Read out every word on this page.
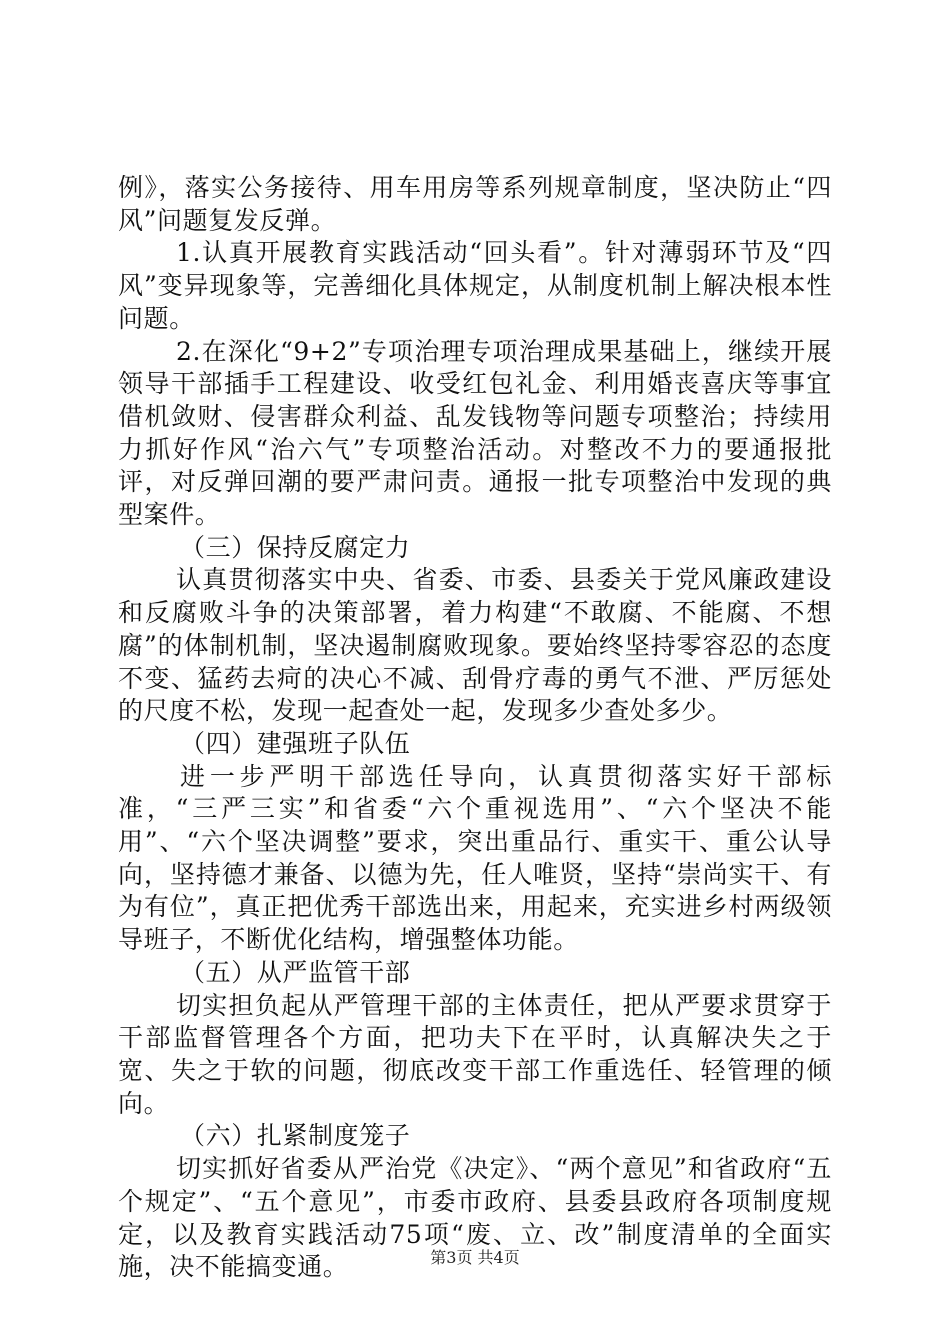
例》，落实公务接待、用车用房等系列规章制度，坚决防止“四风”问题复发反弹。

1.认真开展教育实践活动“回头看”。针对薄弱环节及“四风”变异现象等，完善细化具体规定，从制度机制上解决根本性问题。

2.在深化“9+2”专项治理专项治理成果基础上，继续开展领导干部插手工程建设、收受红包礼金、利用婚丧喜庆等事宜借机敛财、侵害群众利益、乱发钱物等问题专项整治；持续用力抓好作风“治六气”专项整治活动。对整改不力的要通报批评，对反弹回潮的要严肃问责。通报一批专项整治中发现的典型案件。

（三）保持反腐定力

认真贯彻落实中央、省委、市委、县委关于党风廉政建设和反腐败斗争的决策部署，着力构建“不敢腐、不能腐、不想腐”的体制机制，坚决遏制腐败现象。要始终坚持零容忍的态度不变、猛药去疴的决心不减、刮骨疗毒的勇气不泄、严厉惩处的尺度不松，发现一起查处一起，发现多少查处多少。

（四）建强班子队伍

进一步严明干部选任导向，认真贯彻落实好干部标准，“三严三实”和省委“六个重视选用”、“六个坚决不能用”、“六个坚决调整”要求，突出重品行、重实干、重公认导向，坚持德才兼备、以德为先，任人唯贤，坚持“崇尚实干、有为有位”，真正把优秀干部选出来，用起来，充实进乡村两级领导班子，不断优化结构，增强整体功能。

（五）从严监管干部

切实担负起从严管理干部的主体责任，把从严要求贯穿于干部监督管理各个方面，把功夫下在平时，认真解决失之于宽、失之于软的问题，彻底改变干部工作重选任、轻管理的倾向。

（六）扎紧制度笼子

切实抓好省委从严治党《决定》、“两个意见”和省政府“五个规定”、“五个意见”，市委市政府、县委县政府各项制度规定，以及教育实践活动75项“废、立、改”制度清单的全面实施，决不能搞变通。	第3页 共4页
